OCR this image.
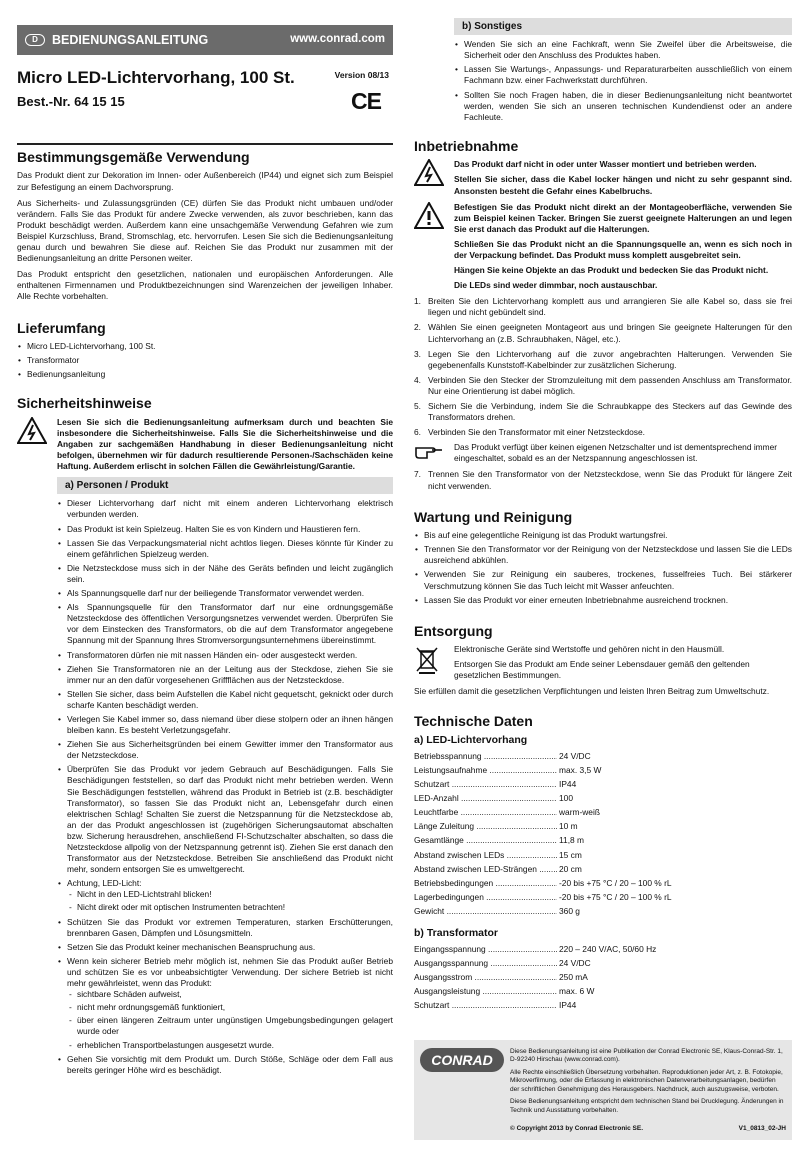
D	BEDIENUNGSANLEITUNG	www.conrad.com
Micro LED-Lichtervorhang, 100 St.
Best.-Nr. 64 15 15
Version 08/13
CE
Bestimmungsgemäße Verwendung

Das Produkt dient zur Dekoration im Innen- oder Außenbereich (IP44) und eignet sich zum Beispiel zur Befestigung an einem Dachvorsprung.

Aus Sicherheits- und Zulassungsgründen (CE) dürfen Sie das Produkt nicht umbauen und/oder verändern. Falls Sie das Produkt für andere Zwecke verwenden, als zuvor beschrieben, kann das Produkt beschädigt werden. Außerdem kann eine unsachgemäße Verwendung Gefahren wie zum Beispiel Kurzschluss, Brand, Stromschlag, etc. hervorrufen. Lesen Sie sich die Bedienungsanleitung genau durch und bewahren Sie diese auf. Reichen Sie das Produkt nur zusammen mit der Bedienungsanleitung an dritte Personen weiter.

Das Produkt entspricht den gesetzlichen, nationalen und europäischen Anforderungen. Alle enthaltenen Firmennamen und Produktbezeichnungen sind Warenzeichen der jeweiligen Inhaber. Alle Rechte vorbehalten.

Lieferumfang
• Micro LED-Lichtervorhang, 100 St.
• Transformator
• Bedienungsanleitung
Sicherheitshinweise
Lesen Sie sich die Bedienungsanleitung aufmerksam durch und beachten Sie insbesondere die Sicherheitshinweise. Falls Sie die Sicherheitshinweise und die Angaben zur sachgemäßen Handhabung in dieser Bedienungsanleitung nicht befolgen, übernehmen wir für dadurch resultierende Personen-/Sachschäden keine Haftung. Außerdem erlischt in solchen Fällen die Gewährleistung/Garantie.
a) Personen / Produkt
• Dieser Lichtervorhang darf nicht mit einem anderen Lichtervorhang elektrisch verbunden werden.
• Das Produkt ist kein Spielzeug. Halten Sie es von Kindern und Haustieren fern.
• Lassen Sie das Verpackungsmaterial nicht achtlos liegen. Dieses könnte für Kinder zu einem gefährlichen Spielzeug werden.
• Die Netzsteckdose muss sich in der Nähe des Geräts befinden und leicht zugänglich sein.
• Als Spannungsquelle darf nur der beiliegende Transformator verwendet werden.
• Als Spannungsquelle für den Transformator darf nur eine ordnungsgemäße Netzsteckdose des öffentlichen Versorgungsnetzes verwendet werden. Überprüfen Sie vor dem Einstecken des Transformators, ob die auf dem Transformator angegebene Spannung mit der Spannung Ihres Stromversorgungsunternehmens übereinstimmt.
• Transformatoren dürfen nie mit nassen Händen ein- oder ausgesteckt werden.
• Ziehen Sie Transformatoren nie an der Leitung aus der Steckdose, ziehen Sie sie immer nur an den dafür vorgesehenen Griffflächen aus der Netzsteckdose.
• Stellen Sie sicher, dass beim Aufstellen die Kabel nicht gequetscht, geknickt oder durch scharfe Kanten beschädigt werden.
• Verlegen Sie Kabel immer so, dass niemand über diese stolpern oder an ihnen hängen bleiben kann. Es besteht Verletzungsgefahr.
• Ziehen Sie aus Sicherheitsgründen bei einem Gewitter immer den Transformator aus der Netzsteckdose.
• Überprüfen Sie das Produkt vor jedem Gebrauch auf Beschädigungen. Falls Sie Beschädigungen feststellen, so darf das Produkt nicht mehr betrieben werden. Wenn Sie Beschädigungen feststellen, während das Produkt in Betrieb ist (z.B. beschädigter Transformator), so fassen Sie das Produkt nicht an, Lebensgefahr durch einen elektrischen Schlag! Schalten Sie zuerst die Netzspannung für die Netzsteckdose ab, an der das Produkt angeschlossen ist (zugehörigen Sicherungsautomat abschalten bzw. Sicherung herausdrehen, anschließend FI-Schutzschalter abschalten, so dass die Netzsteckdose allpolig von der Netzspannung getrennt ist). Ziehen Sie erst danach den Transformator aus der Netzsteckdose. Betreiben Sie anschließend das Produkt nicht mehr, sondern entsorgen Sie es umweltgerecht.
• Achtung, LED-Licht:
- Nicht in den LED-Lichtstrahl blicken!
- Nicht direkt oder mit optischen Instrumenten betrachten!
• Schützen Sie das Produkt vor extremen Temperaturen, starken Erschütterungen, brennbaren Gasen, Dämpfen und Lösungsmitteln.
• Setzen Sie das Produkt keiner mechanischen Beanspruchung aus.
• Wenn kein sicherer Betrieb mehr möglich ist, nehmen Sie das Produkt außer Betrieb und schützen Sie es vor unbeabsichtigter Verwendung. Der sichere Betrieb ist nicht mehr gewährleistet, wenn das Produkt:
- sichtbare Schäden aufweist,
- nicht mehr ordnungsgemäß funktioniert,
- über einen längeren Zeitraum unter ungünstigen Umgebungsbedingungen gelagert wurde oder
- erheblichen Transportbelastungen ausgesetzt wurde.
• Gehen Sie vorsichtig mit dem Produkt um. Durch Stöße, Schläge oder dem Fall aus bereits geringer Höhe wird es beschädigt.
b) Sonstiges
• Wenden Sie sich an eine Fachkraft, wenn Sie Zweifel über die Arbeitsweise, die Sicherheit oder den Anschluss des Produktes haben.
• Lassen Sie Wartungs-, Anpassungs- und Reparaturarbeiten ausschließlich von einem Fachmann bzw. einer Fachwerkstatt durchführen.
• Sollten Sie noch Fragen haben, die in dieser Bedienungsanleitung nicht beantwortet werden, wenden Sie sich an unseren technischen Kundendienst oder an andere Fachleute.
Inbetriebnahme
Das Produkt darf nicht in oder unter Wasser montiert und betrieben werden.
Stellen Sie sicher, dass die Kabel locker hängen und nicht zu sehr gespannt sind. Ansonsten besteht die Gefahr eines Kabelbruchs.
Befestigen Sie das Produkt nicht direkt an der Montageoberfläche, verwenden Sie zum Beispiel keinen Tacker. Bringen Sie zuerst geeignete Halterungen an und legen Sie erst danach das Produkt auf die Halterungen.
Schließen Sie das Produkt nicht an die Spannungsquelle an, wenn es sich noch in der Verpackung befindet. Das Produkt muss komplett ausgebreitet sein.
Hängen Sie keine Objekte an das Produkt und bedecken Sie das Produkt nicht.
Die LEDs sind weder dimmbar, noch austauschbar.
1. Breiten Sie den Lichtervorhang komplett aus und arrangieren Sie alle Kabel so, dass sie frei liegen und nicht gebündelt sind.
2. Wählen Sie einen geeigneten Montageort aus und bringen Sie geeignete Halterungen für den Lichtervorhang an (z.B. Schraubhaken, Nägel, etc.).
3. Legen Sie den Lichtervorhang auf die zuvor angebrachten Halterungen. Verwenden Sie gegebenenfalls Kunststoff-Kabelbinder zur zusätzlichen Sicherung.
4. Verbinden Sie den Stecker der Stromzuleitung mit dem passenden Anschluss am Transformator. Nur eine Orientierung ist dabei möglich.
5. Sichern Sie die Verbindung, indem Sie die Schraubkappe des Steckers auf das Gewinde des Transformators drehen.
6. Verbinden Sie den Transformator mit einer Netzsteckdose.
Das Produkt verfügt über keinen eigenen Netzschalter und ist dementsprechend immer eingeschaltet, sobald es an der Netzspannung angeschlossen ist.
7. Trennen Sie den Transformator von der Netzsteckdose, wenn Sie das Produkt für längere Zeit nicht verwenden.
Wartung und Reinigung
• Bis auf eine gelegentliche Reinigung ist das Produkt wartungsfrei.
• Trennen Sie den Transformator vor der Reinigung von der Netzsteckdose und lassen Sie die LEDs ausreichend abkühlen.
• Verwenden Sie zur Reinigung ein sauberes, trockenes, fusselfreies Tuch. Bei stärkerer Verschmutzung können Sie das Tuch leicht mit Wasser anfeuchten.
• Lassen Sie das Produkt vor einer erneuten Inbetriebnahme ausreichend trocknen.
Entsorgung
Elektronische Geräte sind Wertstoffe und gehören nicht in den Hausmüll.
Entsorgen Sie das Produkt am Ende seiner Lebensdauer gemäß den geltenden gesetzlichen Bestimmungen.

Sie erfüllen damit die gesetzlichen Verpflichtungen und leisten Ihren Beitrag zum Umweltschutz.

Technische Daten
a) LED-Lichtervorhang
Betriebsspannung .....	24 V/DC
Leistungsaufnahme .....	max. 3,5 W
Schutzart .....	IP44
LED-Anzahl .....	100
Leuchtfarbe .....	warm-weiß
Länge Zuleitung .....	10 m
Gesamtlänge .....	11,8 m
Abstand zwischen LEDs .....	15 cm
Abstand zwischen LED-Strängen .....	20 cm
Betriebsbedingungen .....	-20 bis +75 °C / 20 – 100 % rL
Lagerbedingungen .....	-20 bis +75 °C / 20 – 100 % rL
Gewicht .....	360 g
b) Transformator
Eingangsspannung .....	220 – 240 V/AC, 50/60 Hz
Ausgangsspannung .....	24 V/DC
Ausgangsstrom .....	250 mA
Ausgangsleistung .....	max. 6 W
Schutzart .....	IP44
CONRAD
Diese Bedienungsanleitung ist eine Publikation der Conrad Electronic SE, Klaus-Conrad-Str. 1, D-92240 Hirschau (www.conrad.com).
Alle Rechte einschließlich Übersetzung vorbehalten. Reproduktionen jeder Art, z. B. Fotokopie, Mikroverfilmung, oder die Erfassung in elektronischen Datenverarbeitungsanlagen, bedürfen der schriftlichen Genehmigung des Herausgebers. Nachdruck, auch auszugsweise, verboten.
Diese Bedienungsanleitung entspricht dem technischen Stand bei Drucklegung. Änderungen in Technik und Ausstattung vorbehalten.
© Copyright 2013 by Conrad Electronic SE.	V1_0813_02-JH
